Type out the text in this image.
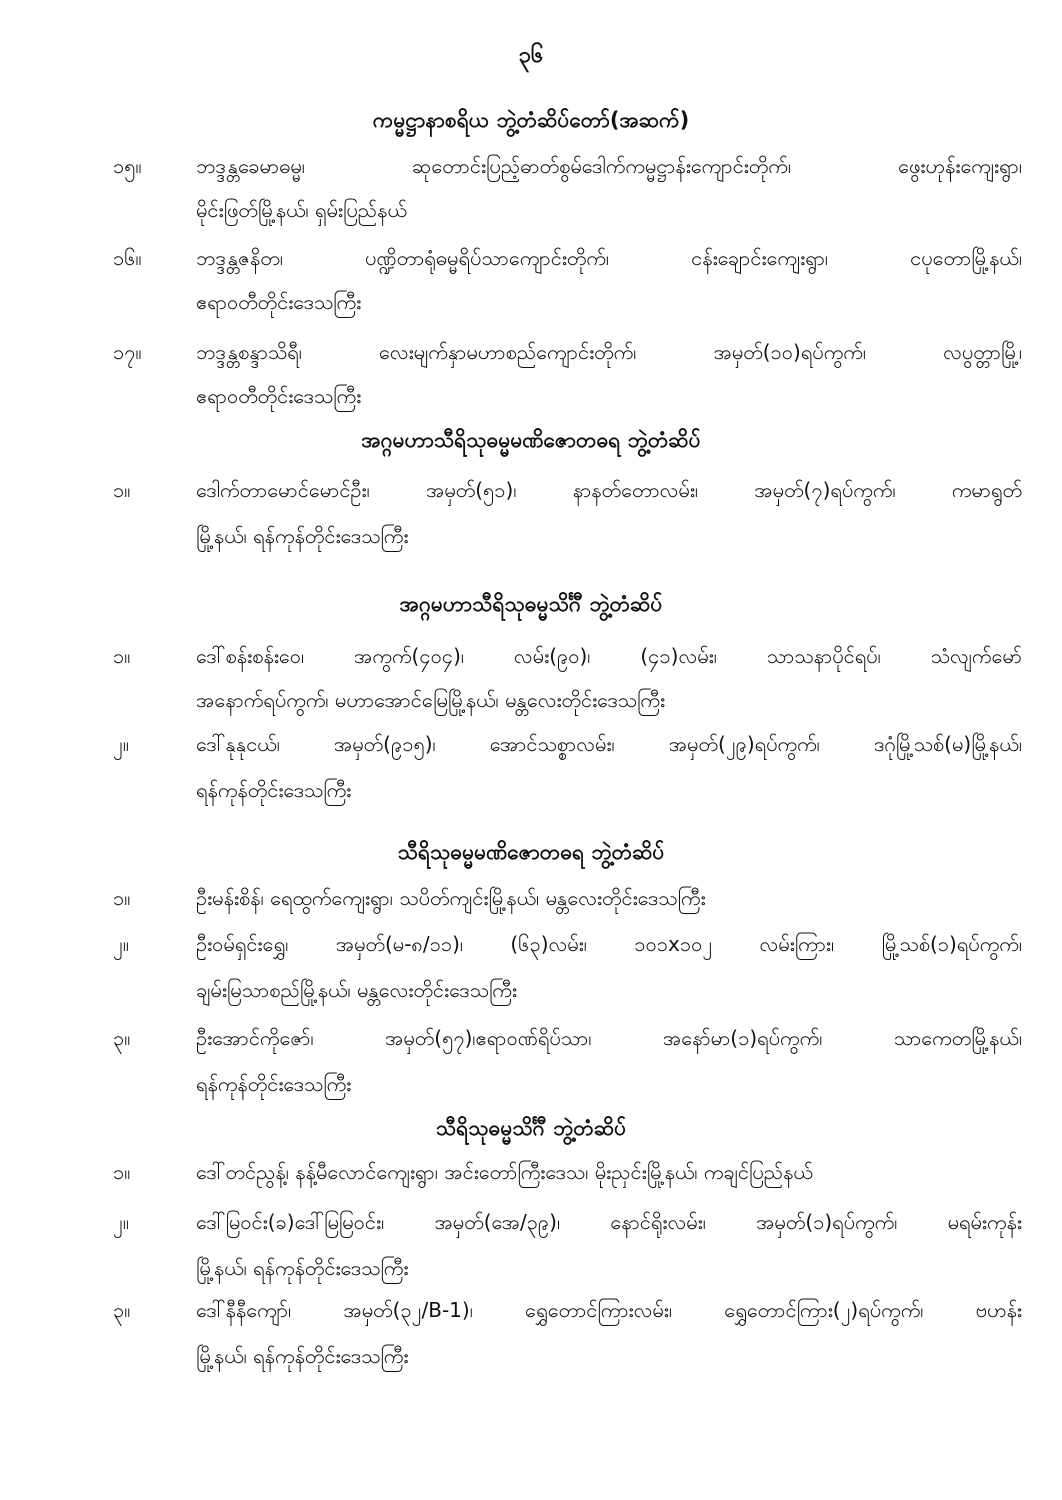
၃၆
ကမ္မဋ္ဌာနာစရိယ ဘွဲ့တံဆိပ်တော်(အဆက်)
၁၅။	ဘဒ္ဒန္တခေမာဓမ္မ၊ ဆုတောင်းပြည့်ဓာတ်စွမ်ဒေါက်ကမ္မဋ္ဌာန်းကျောင်းတိုက်၊ ဖွေးဟုန်းကျေးရွာ၊
မိုင်းဖြတ်မြို့နယ်၊ ရှမ်းပြည်နယ်
၁၆။	ဘဒ္ဒန္တဇနိတ၊ ပဏ္ဍိတာရုံဓမ္မရိပ်သာကျောင်းတိုက်၊ ငန်းချောင်းကျေးရွာ၊ ငပုတောမြို့နယ်၊
ဧရာဝတီတိုင်းဒေသကြီး
၁၇။	ဘဒ္ဒန္တစန္ဒာသိရီ၊ လေးမျက်နှာမဟာစည်ကျောင်းတိုက်၊ အမှတ်(၁၀)ရပ်ကွက်၊ လပွတ္တာမြို့၊
ဧရာဝတီတိုင်းဒေသကြီး
အဂ္ဂမဟာသီရိသုဓမ္မမဏိဇောတဓရ ဘွဲ့တံဆိပ်
၁။	ဒေါက်တာမောင်မောင်ဦး၊ အမှတ်(၅၁)၊ နာနတ်တောလမ်း၊ အမှတ်(၇)ရပ်ကွက်၊ ကမာရွတ်
မြို့နယ်၊ ရန်ကုန်တိုင်းဒေသကြီး
အဂ္ဂမဟာသီရိသုဓမ္မသိင်္ဂီ ဘွဲ့တံဆိပ်
၁။	ဒေါ်စန်းစန်းဝေ၊ အကွက်(၄၀၄)၊ လမ်း(၉၀)၊ (၄၁)လမ်း၊ သာသနာပိုင်ရပ်၊ သံလျက်မော်
အနောက်ရပ်ကွက်၊ မဟာအောင်မြေမြို့နယ်၊ မန္တလေးတိုင်းဒေသကြီး
၂။	ဒေါ်နုနုငယ်၊ အမှတ်(၉၁၅)၊ အောင်သစ္စာလမ်း၊ အမှတ်(၂၉)ရပ်ကွက်၊ ဒဂုံမြို့သစ်(မ)မြို့နယ်၊
ရန်ကုန်တိုင်းဒေသကြီး
သီရိသုဓမ္မမဏိဇောတဓရ ဘွဲ့တံဆိပ်
၁။	ဦးမန်းစိန်၊ ရေထွက်ကျေးရွာ၊ သပိတ်ကျင်းမြို့နယ်၊ မန္တလေးတိုင်းဒေသကြီး
၂။	ဦးဝမ်ရှင်းရွှေ၊ အမှတ်(မ-၈/၁၁)၊ (၆၃)လမ်း၊ ၁၀၁x၁၀၂ လမ်းကြား၊ မြို့သစ်(၁)ရပ်ကွက်၊
ချမ်းမြသာစည်မြို့နယ်၊ မန္တလေးတိုင်းဒေသကြီး
၃။	ဦးအောင်ကိုဇော်၊ အမှတ်(၅၇)၊ဧရာဝဏ်ရိပ်သာ၊ အနော်မာ(၁)ရပ်ကွက်၊ သာကေတမြို့နယ်၊
ရန်ကုန်တိုင်းဒေသကြီး
သီရိသုဓမ္မသိင်္ဂီ ဘွဲ့တံဆိပ်
၁။	ဒေါ်တင်ညွန့်၊ နန့်မီလောင်ကျေးရွာ၊ အင်းတော်ကြီးဒေသ၊ မိုးညှင်းမြို့နယ်၊ ကချင်ပြည်နယ်
၂။	ဒေါ်မြဝင်း(ခ)ဒေါ်မြမြဝင်း၊ အမှတ်(အေ/၃၉)၊ နောင်ရိုးလမ်း၊ အမှတ်(၁)ရပ်ကွက်၊ မရမ်းကုန်း
မြို့နယ်၊ ရန်ကုန်တိုင်းဒေသကြီး
၃။	ဒေါ်နီနီကျော်၊ အမှတ်(၃၂/B-1)၊ ရွှေတောင်ကြားလမ်း၊ ရွှေတောင်ကြား(၂)ရပ်ကွက်၊ ဗဟန်း
မြို့နယ်၊ ရန်ကုန်တိုင်းဒေသကြီး
